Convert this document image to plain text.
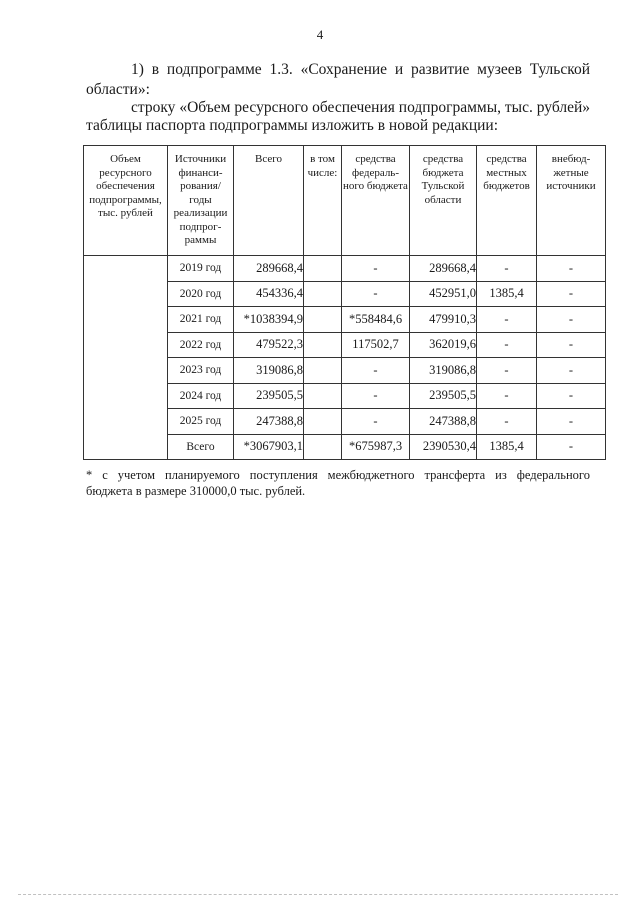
4

1) в подпрограмме 1.3. «Сохранение и развитие музеев Тульской

области»:

строку «Объем ресурсного обеспечения подпрограммы, тыс. рублей»

таблицы паспорта подпрограммы изложить в новой редакции:

Объем ресурсного обеспечения подпрограммы, тыс. рублей	Источники финанси-рования/ годы реализации подпрог-раммы	Всего	в том числе:	средства федераль-ного бюджета	средства бюджета Тульской области	средства местных бюджетов	внебюд-жетные источники
	2019 год	289668,4		-	289668,4	-	-
	2020 год	454336,4		-	452951,0	1385,4	-
	2021 год	*1038394,9		*558484,6	479910,3	-	-
	2022 год	479522,3		117502,7	362019,6	-	-
	2023 год	319086,8		-	319086,8	-	-
	2024 год	239505,5		-	239505,5	-	-
	2025 год	247388,8		-	247388,8	-	-
	Всего	*3067903,1		*675987,3	2390530,4	1385,4	-

* с учетом планируемого поступления межбюджетного трансферта из федерального

бюджета в размере 310000,0 тыс. рублей.
